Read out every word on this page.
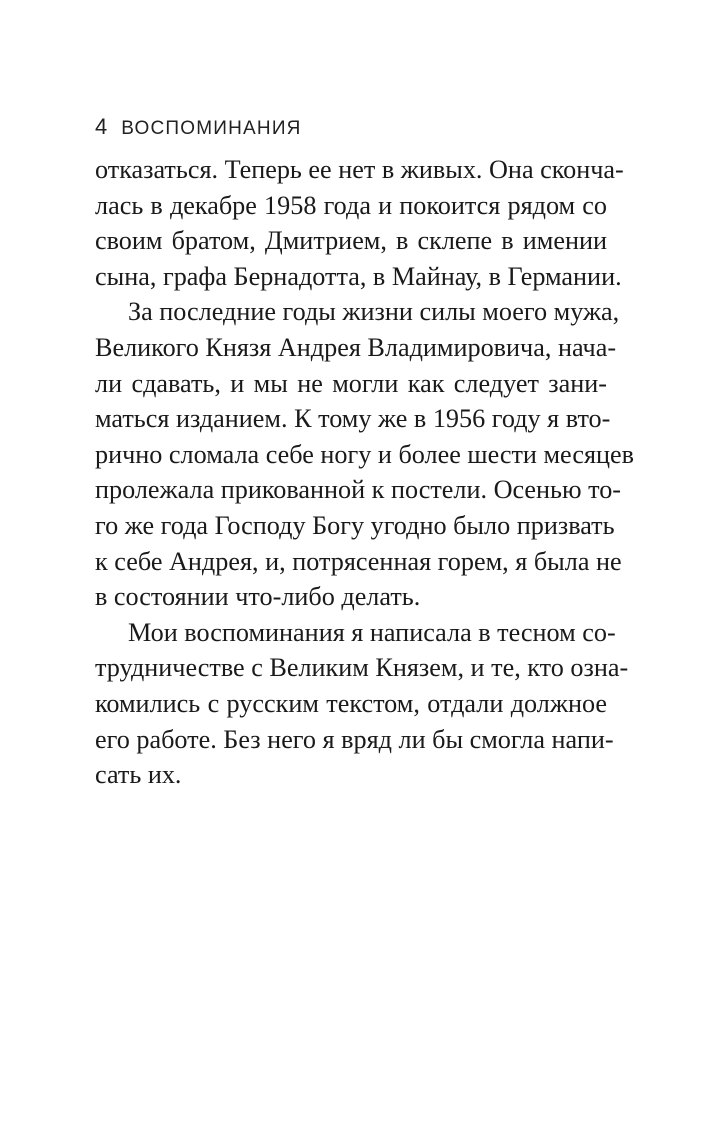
4 ВОСПОМИНАНИЯ
отказаться. Теперь ее нет в живых. Она сконча-
лась в декабре 1958 года и покоится рядом со
своим братом, Дмитрием, в склепе в имении
сына, графа Бернадотта, в Майнау, в Германии.
За последние годы жизни силы моего мужа,
Великого Князя Андрея Владимировича, нача-
ли сдавать, и мы не могли как следует зани-
маться изданием. К тому же в 1956 году я вто-
рично сломала себе ногу и более шести месяцев
пролежала прикованной к постели. Осенью то-
го же года Господу Богу угодно было призвать
к себе Андрея, и, потрясенная горем, я была не
в состоянии что-либо делать.
Мои воспоминания я написала в тесном со-
трудничестве с Великим Князем, и те, кто озна-
комились с русским текстом, отдали должное
его работе. Без него я вряд ли бы смогла напи-
сать их.
